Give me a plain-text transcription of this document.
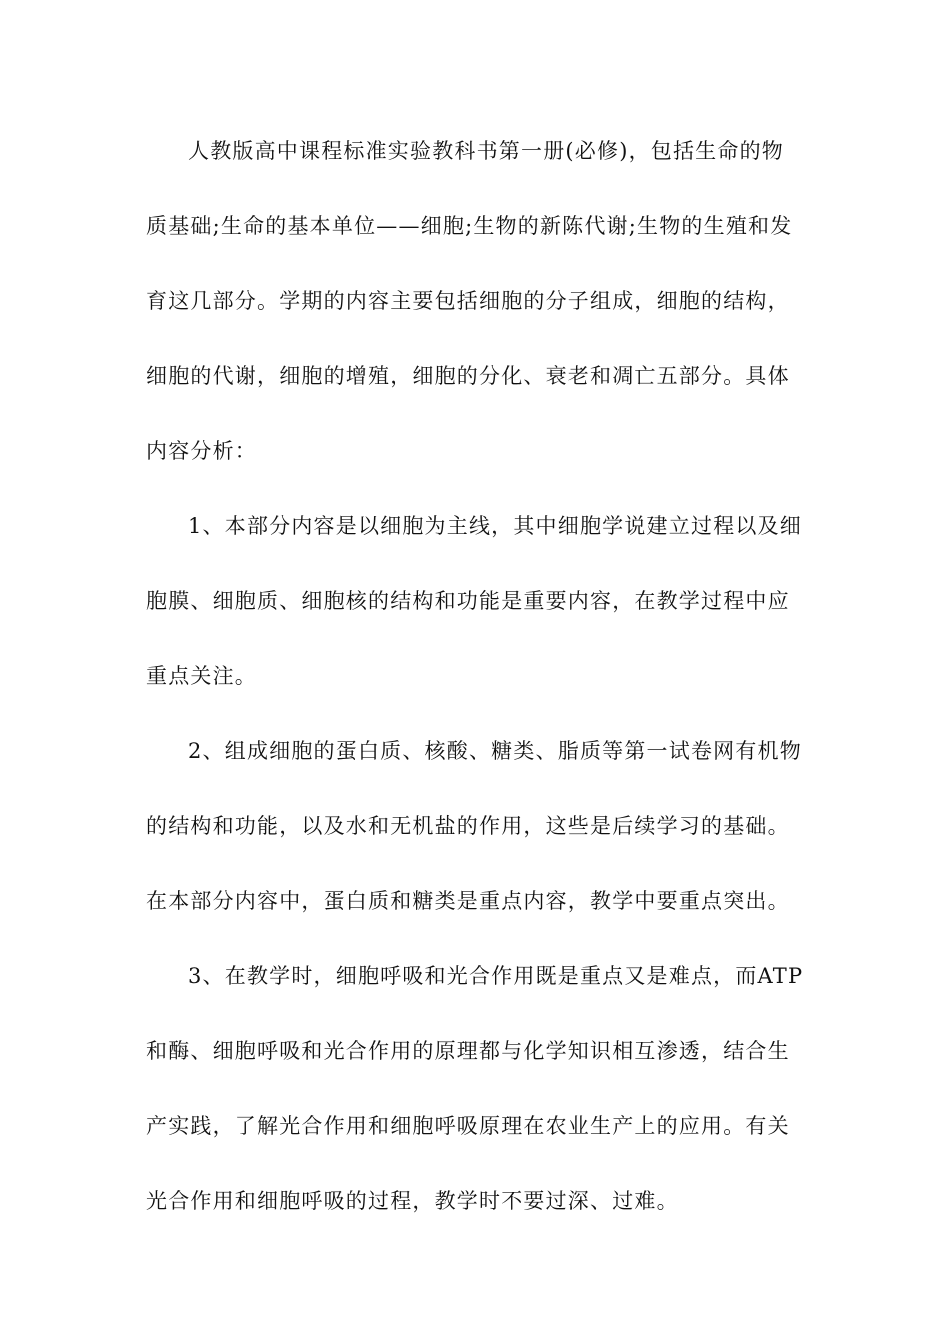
人教版高中课程标准实验教科书第一册(必修)，包括生命的物
质基础;生命的基本单位——细胞;生物的新陈代谢;生物的生殖和发
育这几部分。学期的内容主要包括细胞的分子组成，细胞的结构，
细胞的代谢，细胞的增殖，细胞的分化、衰老和凋亡五部分。具体
内容分析：
1、本部分内容是以细胞为主线，其中细胞学说建立过程以及细
胞膜、细胞质、细胞核的结构和功能是重要内容，在教学过程中应
重点关注。
2、组成细胞的蛋白质、核酸、糖类、脂质等第一试卷网有机物
的结构和功能，以及水和无机盐的作用，这些是后续学习的基础。
在本部分内容中，蛋白质和糖类是重点内容，教学中要重点突出。
3、在教学时，细胞呼吸和光合作用既是重点又是难点，而ATP
和酶、细胞呼吸和光合作用的原理都与化学知识相互渗透，结合生
产实践，了解光合作用和细胞呼吸原理在农业生产上的应用。有关
光合作用和细胞呼吸的过程，教学时不要过深、过难。
